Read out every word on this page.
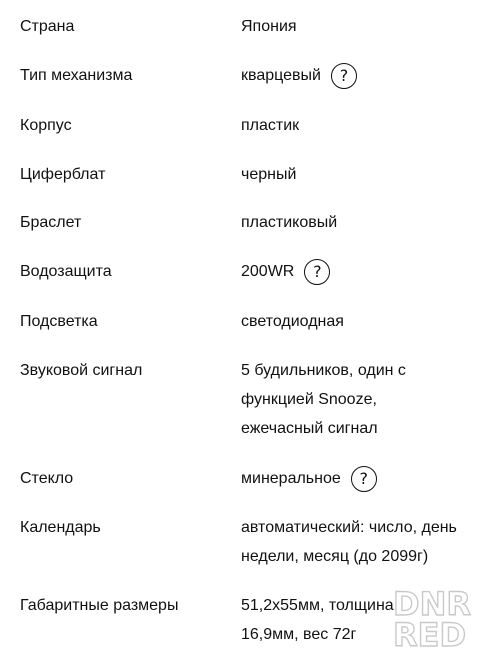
Страна	Япония
Тип механизма	кварцевый	?
Корпус	пластик
Циферблат	черный
Браслет	пластиковый
Водозащита	200WR	?
Подсветка	светодиодная
Звуковой сигнал	5 будильников, один с
функцией Snooze,
ежечасный сигнал
Стекло	минеральное	?
Календарь	автоматический: число, день
недели, месяц (до 2099г)
Габаритные размеры	51,2x55мм, толщина
16,9мм, вес 72г
DNR
RED
